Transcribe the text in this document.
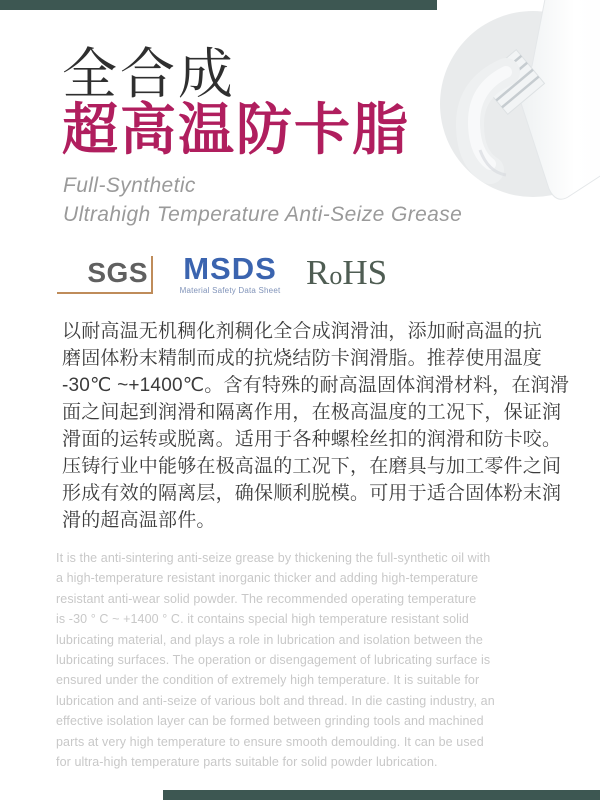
全合成
超高温防卡脂
Full-Synthetic
Ultrahigh Temperature Anti-Seize Grease
SGS	MSDS
Material Safety Data Sheet RoHS
以耐高温无机稠化剂稠化全合成润滑油，添加耐高温的抗
磨固体粉末精制而成的抗烧结防卡润滑脂。推荐使用温度
-30℃ ~+1400℃。含有特殊的耐高温固体润滑材料，在润滑
面之间起到润滑和隔离作用，在极高温度的工况下，保证润
滑面的运转或脱离。适用于各种螺栓丝扣的润滑和防卡咬。
压铸行业中能够在极高温的工况下，在磨具与加工零件之间
形成有效的隔离层，确保顺利脱模。可用于适合固体粉末润
滑的超高温部件。
It is the anti-sintering anti-seize grease by thickening the full-synthetic oil with
a high-temperature resistant inorganic thicker and adding high-temperature
resistant anti-wear solid powder. The recommended operating temperature
is -30 ° C ~ +1400 ° C. it contains special high temperature resistant solid
lubricating material, and plays a role in lubrication and isolation between the
lubricating surfaces. The operation or disengagement of lubricating surface is
ensured under the condition of extremely high temperature. It is suitable for
lubrication and anti-seize of various bolt and thread. In die casting industry, an
effective isolation layer can be formed between grinding tools and machined
parts at very high temperature to ensure smooth demoulding. It can be used
for ultra-high temperature parts suitable for solid powder lubrication.
